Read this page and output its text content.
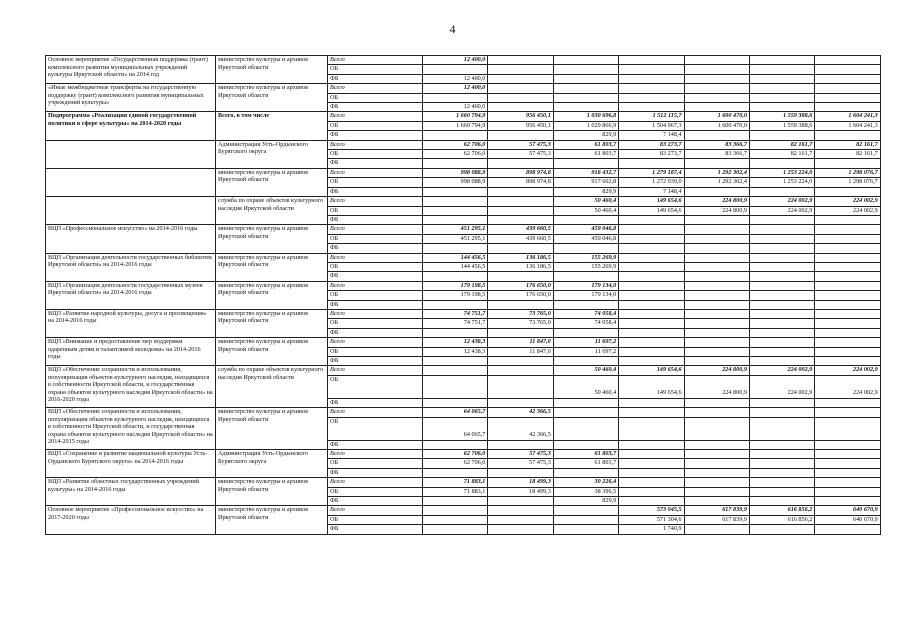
4
Основное мероприятие «Государственная поддержка (грант) комплексного развития муниципальных учреждений культуры Иркутской области» на 2014 год	министерство культуры и архивов Иркутской области	Всего	12 400,0							
		ОБ								
		ФБ	12 400,0							
«Иные межбюджетные трансферты на государственную поддержку (грант) комплексного развития муниципальных учреждений культуры»	министерство культуры и архивов Иркутской области	Всего	12 400,0							
		ОБ								
		ФБ	12 400,0							
Подпрограмма «Реализация единой государственной политики в сфере культуры» на 2014-2020 годы	Всего, в том числе	Всего	1 660 794,9	956 450,1	1 030 696,8	1 512 115,7	1 600 470,0	1 559 388,6	1 604 241,3	
		ОБ	1 660 794,9	956 450,1	1 029 866,9	1 504 967,3	1 600 470,0	1 559 388,6	1 604 241,3	
		ФБ			829,9	7 148,4				
	Администрация Усть-Ордынского Бурятского округа	Всего	62 706,0	57 475,3	61 803,7	83 273,7	83 366,7	82 161,7	82 161,7	
		ОБ	62 706,0	57 475,3	61 803,7	83 273,7	83 366,7	82 161,7	82 161,7	
		ФБ								
	министерство культуры и архивов Иркутской области	Всего	998 088,9	898 974,8	918 432,7	1 279 187,4	1 292 302,4	1 253 224,0	1 298 076,7	
		ОБ	998 088,9	898 974,8	917 602,8	1 272 039,0	1 292 302,4	1 253 224,0	1 298 076,7	
		ФБ			829,9	7 148,4				
	служба по охране объектов культурного наследия Иркутской области	Всего			50 460,4	149 654,6	224 800,9	224 002,9	224 002,9	
		ОБ			50 460,4	149 654,6	224 800,9	224 002,9	224 002,9	
		ФБ								
ВЦП «Профессиональное искусство» на 2014-2016 годы	министерство культуры и архивов Иркутской области	Всего	451 295,1	439 660,5	459 046,8					
		ОБ	451 295,1	439 660,5	459 046,8					
		ФБ								
ВЦП «Организация деятельности государственных библиотек Иркутской области» на 2014-2016 годы	министерство культуры и архивов Иркутской области	Всего	144 456,5	136 186,5	155 269,9					
		ОБ	144 456,5	136 186,5	155 269,9					
		ФБ								
ВЦП «Организация деятельности государственных музеев Иркутской области» на 2014-2016 годы	министерство культуры и архивов Иркутской области	Всего	179 198,5	176 650,0	179 134,0					
		ОБ	179 198,5	176 650,0	179 134,0					
		ФБ								
ВЦП «Развитие народной культуры, досуга и просвещения» на 2014-2016 годы	министерство культуры и архивов Иркутской области	Всего	74 751,7	73 765,0	74 058,4					
		ОБ	74 751,7	73 765,0	74 058,4					
		ФБ								
ВЦП «Внимание и предоставление мер поддержки одаренным детям и талантливой молодежи» на 2014-2016 годы	министерство культуры и архивов Иркутской области	Всего	12 438,3	11 847,0	11 697,2					
		ОБ	12 438,3	11 847,0	11 697,2					
		ФБ								
ВЦП «Обеспечение сохранности и использования, популяризация объектов культурного наследия, находящихся в собственности Иркутской области, и государственная охрана объектов культурного наследия Иркутской области» на 2016-2020 годы	служба по охране объектов культурного наследия Иркутской области	Всего			50 460,4	149 654,6	224 800,9	224 002,9	224 002,9	
		ОБ			50 460,4	149 654,6	224 800,9	224 002,9	224 002,9	
		ФБ								
ВЦП «Обеспечение сохранности и использования, популяризация объектов культурного наследия, находящихся в собственности Иркутской области, и государственная охрана объектов культурного наследия Иркутской области» на 2014-2015 годы	министерство культуры и архивов Иркутской области	Всего	64 065,7	42 366,5						
		ОБ	64 065,7	42 366,5						
		ФБ								
ВЦП «Сохранение и развитие национальной культуры Усть-Ордынского Бурятского округа» на 2014-2016 годы	Администрация Усть-Ордынского Бурятского округа	Всего	62 706,0	57 475,3	61 803,7					
		ОБ	62 706,0	57 475,3	61 803,7					
		ФБ								
ВЦП «Развитие областных государственных учреждений культуры» на 2014-2016 годы	министерство культуры и архивов Иркутской области	Всего	71 883,1	18 499,3	39 226,4					
		ОБ	71 883,1	18 499,3	38 396,5					
		ФБ			829,9					
Основное мероприятие «Профессиональное искусство» на 2017-2020 годы	министерство культуры и архивов Иркутской области	Всего				573 045,5	617 839,9	616 856,2	640 670,9	
		ОБ				571 304,6	617 839,9	616 856,2	640 670,9	
		ФБ				1 740,9				
